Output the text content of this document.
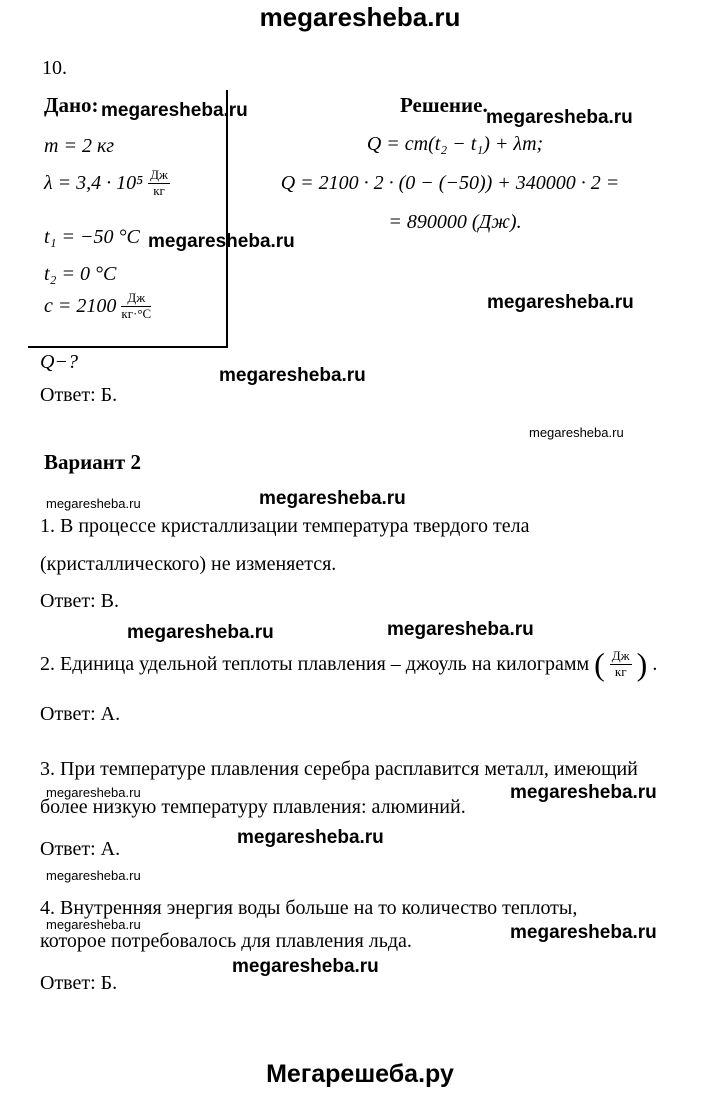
megaresheba.ru
10.
Дано:	Решение.
m = 2 кг
$\lambda = 3,4 \cdot 10^5 \frac{Дж}{кг}$
t₁ = −50 °C
t₂ = 0 °C
$c = 2100 \frac{Дж}{кг\cdot^\circ C}$
Q−?
Ответ: Б.
Q = cm(t₂ − t₁) + λm;
Q = 2100 · 2 · (0 − (−50)) + 340000 · 2 =
= 890000 (Дж).
Вариант 2
1. В процессе кристаллизации температура твердого тела
(кристаллического) не изменяется.
Ответ: В.
2. Единица удельной теплоты плавления – джоуль на килограмм ( $\frac{Дж}{кг}$ ) .
Ответ: А.
3. При температуре плавления серебра расплавится металл, имеющий
более низкую температуру плавления: алюминий.
Ответ: А.
4. Внутренняя энергия воды больше на то количество теплоты,
которое потребовалось для плавления льда.
Ответ: Б.
megaresheba.ru	megaresheba.ru
megaresheba.ru
megaresheba.ru
megaresheba.ru
megaresheba.ru
megaresheba.ru
megaresheba.ru
megaresheba.ru	megaresheba.ru
megaresheba.ru	megaresheba.ru
megaresheba.ru
megaresheba.ru
megaresheba.ru	megaresheba.ru
megaresheba.ru
Мегарешеба.ру
